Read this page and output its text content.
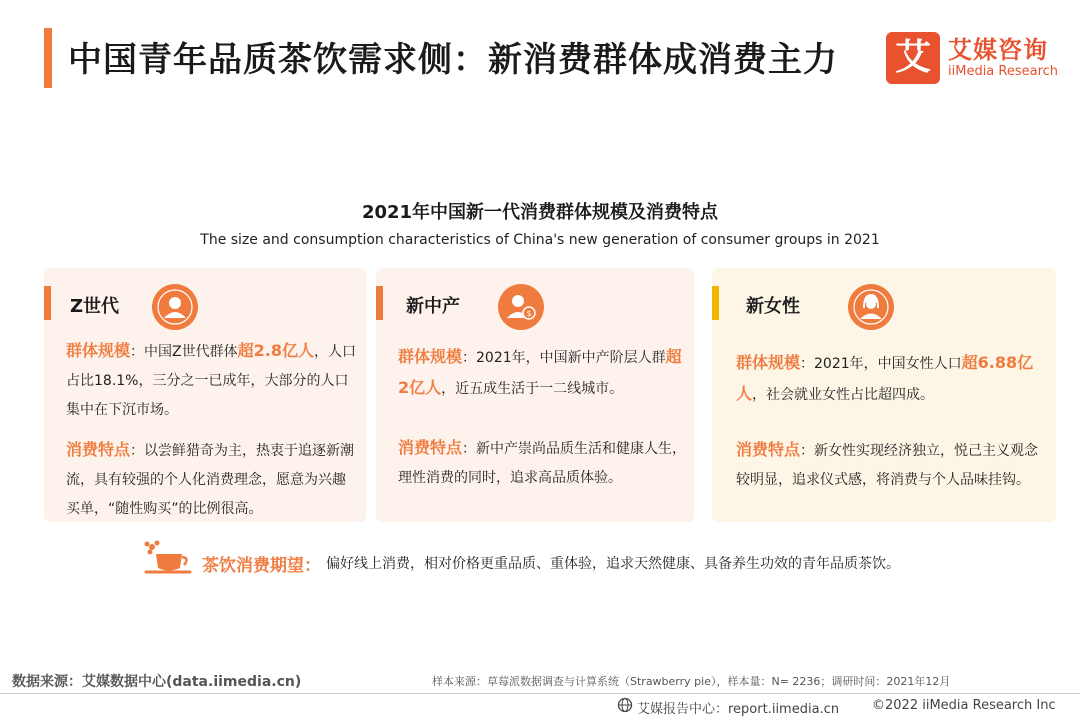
中国青年品质茶饮需求侧：新消费群体成消费主力 艾 艾媒咨询
iiMedia Research
2021年中国新一代消费群体规模及消费特点
The size and consumption characteristics of China's new generation of consumer groups in 2021
Z世代
群体规模：中国Z世代群体超2.8亿人，人口占比18.1%，三分之一已成年，大部分的人口集中在下沉市场。
消费特点：以尝鲜猎奇为主，热衷于追逐新潮流，具有较强的个人化消费理念，愿意为兴趣买单，“随性购买”的比例很高。
新中产	$
群体规模：2021年，中国新中产阶层人群超2亿人，近五成生活于一二线城市。
消费特点：新中产崇尚品质生活和健康人生，理性消费的同时，追求高品质体验。
新女性
群体规模：2021年，中国女性人口超6.88亿人，社会就业女性占比超四成。
消费特点：新女性实现经济独立，悦己主义观念较明显，追求仪式感，将消费与个人品味挂钩。
茶饮消费期望： 偏好线上消费，相对价格更重品质、重体验，追求天然健康、具备养生功效的青年品质茶饮。
数据来源：艾媒数据中心(data.iimedia.cn)	样本来源：草莓派数据调查与计算系统（Strawberry pie），样本量：N= 2236；调研时间：2021年12月
艾媒报告中心：report.iimedia.cn	©2022 iiMedia Research Inc
